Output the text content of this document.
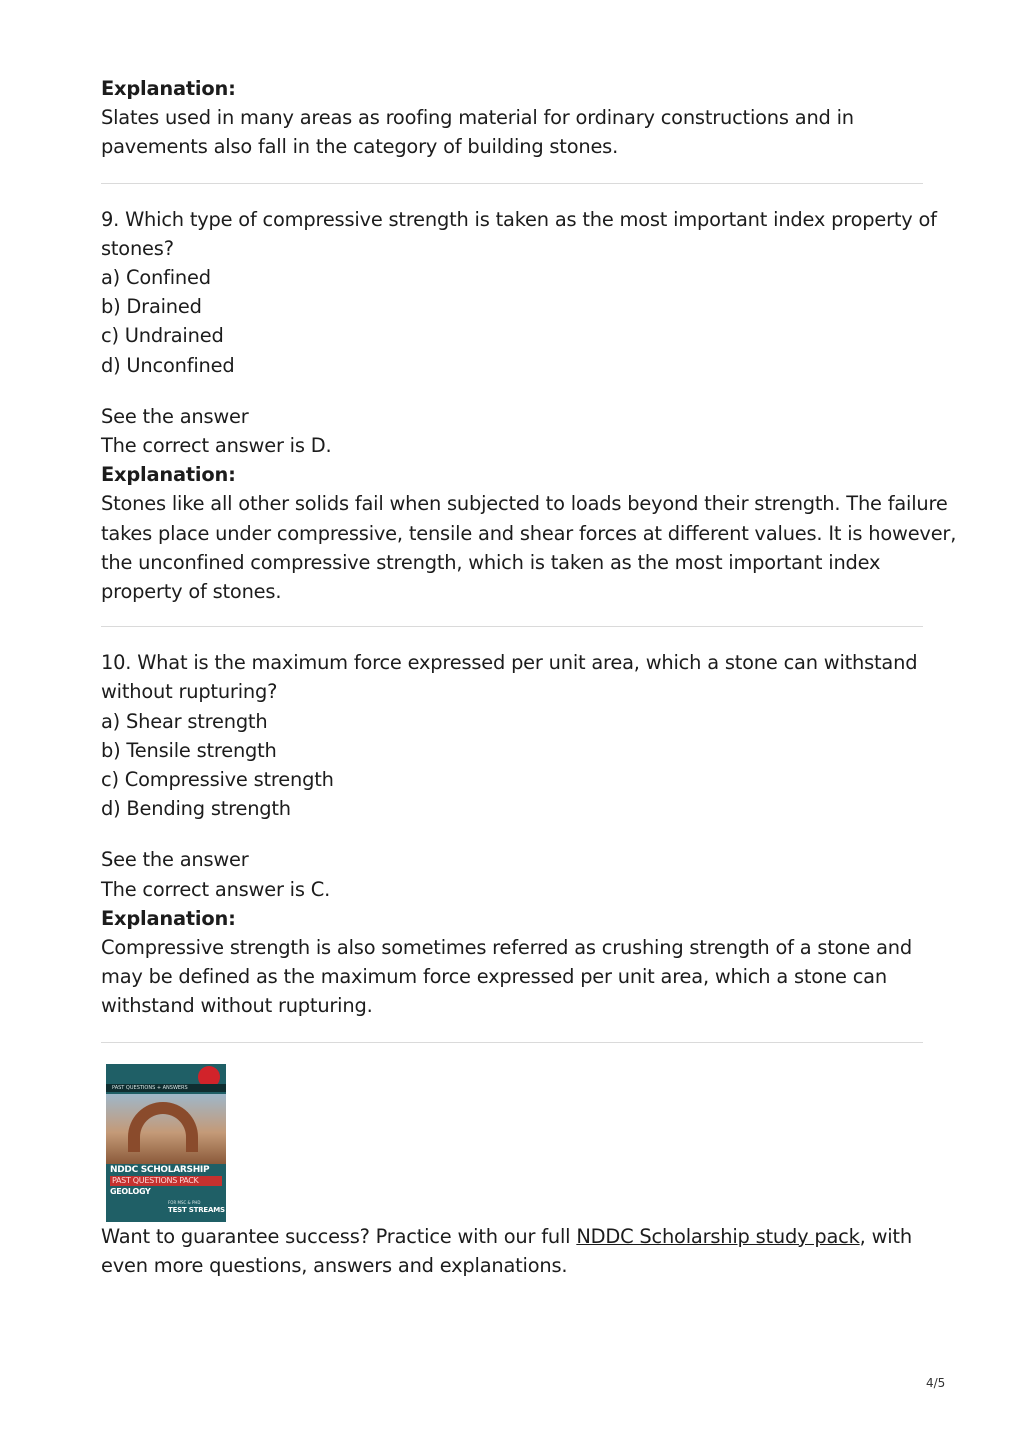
Explanation:
Slates used in many areas as roofing material for ordinary constructions and in
pavements also fall in the category of building stones.
9. Which type of compressive strength is taken as the most important index property of
stones?
a) Confined
b) Drained
c) Undrained
d) Unconfined
See the answer
The correct answer is D.
Explanation:
Stones like all other solids fail when subjected to loads beyond their strength. The failure
takes place under compressive, tensile and shear forces at different values. It is however,
the unconfined compressive strength, which is taken as the most important index
property of stones.
10. What is the maximum force expressed per unit area, which a stone can withstand
without rupturing?
a) Shear strength
b) Tensile strength
c) Compressive strength
d) Bending strength
See the answer
The correct answer is C.
Explanation:
Compressive strength is also sometimes referred as crushing strength of a stone and
may be defined as the maximum force expressed per unit area, which a stone can
withstand without rupturing.
PAST QUESTIONS + ANSWERS
NDDC SCHOLARSHIP
PAST QUESTIONS PACK
GEOLOGY
FOR MSC & PHD
TEST STREAMS
Want to guarantee success? Practice with our full NDDC Scholarship study pack, with
even more questions, answers and explanations.
4/5
